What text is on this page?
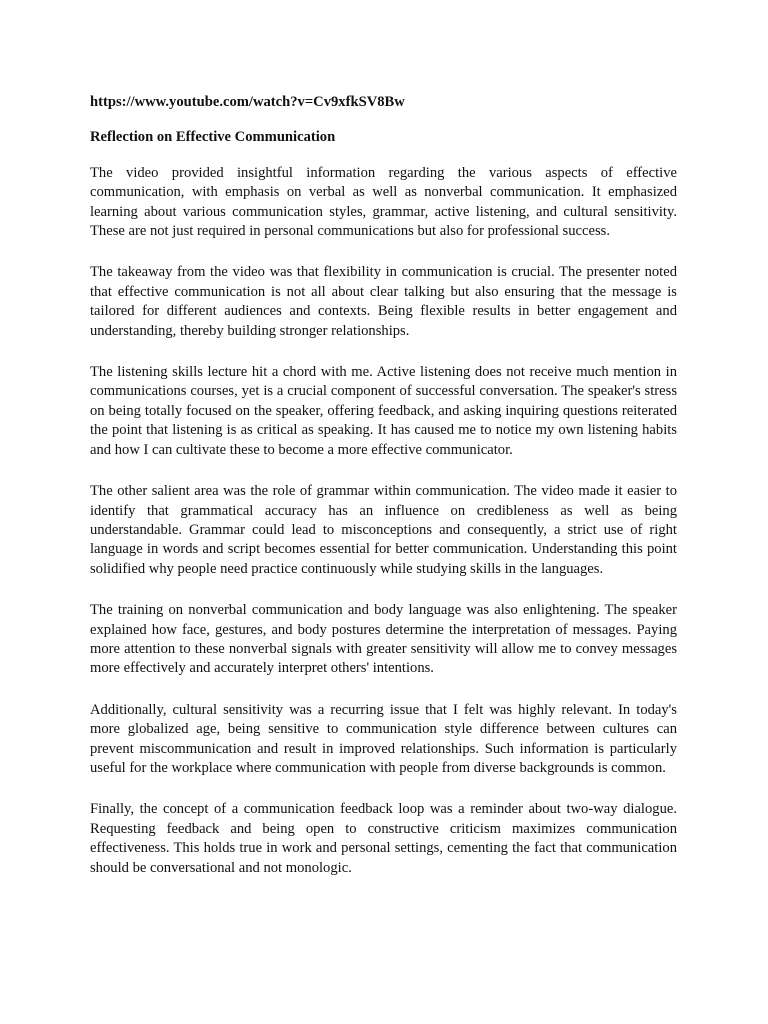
https://www.youtube.com/watch?v=Cv9xfkSV8Bw

Reflection on Effective Communication

The video provided insightful information regarding the various aspects of effective communication, with emphasis on verbal as well as nonverbal communication. It emphasized learning about various communication styles, grammar, active listening, and cultural sensitivity. These are not just required in personal communications but also for professional success.

The takeaway from the video was that flexibility in communication is crucial. The presenter noted that effective communication is not all about clear talking but also ensuring that the message is tailored for different audiences and contexts. Being flexible results in better engagement and understanding, thereby building stronger relationships.

The listening skills lecture hit a chord with me. Active listening does not receive much mention in communications courses, yet is a crucial component of successful conversation. The speaker's stress on being totally focused on the speaker, offering feedback, and asking inquiring questions reiterated the point that listening is as critical as speaking. It has caused me to notice my own listening habits and how I can cultivate these to become a more effective communicator.

The other salient area was the role of grammar within communication. The video made it easier to identify that grammatical accuracy has an influence on credibleness as well as being understandable. Grammar could lead to misconceptions and consequently, a strict use of right language in words and script becomes essential for better communication. Understanding this point solidified why people need practice continuously while studying skills in the languages.

The training on nonverbal communication and body language was also enlightening. The speaker explained how face, gestures, and body postures determine the interpretation of messages. Paying more attention to these nonverbal signals with greater sensitivity will allow me to convey messages more effectively and accurately interpret others' intentions.

Additionally, cultural sensitivity was a recurring issue that I felt was highly relevant. In today's more globalized age, being sensitive to communication style difference between cultures can prevent miscommunication and result in improved relationships. Such information is particularly useful for the workplace where communication with people from diverse backgrounds is common.

Finally, the concept of a communication feedback loop was a reminder about two-way dialogue. Requesting feedback and being open to constructive criticism maximizes communication effectiveness. This holds true in work and personal settings, cementing the fact that communication should be conversational and not monologic.
